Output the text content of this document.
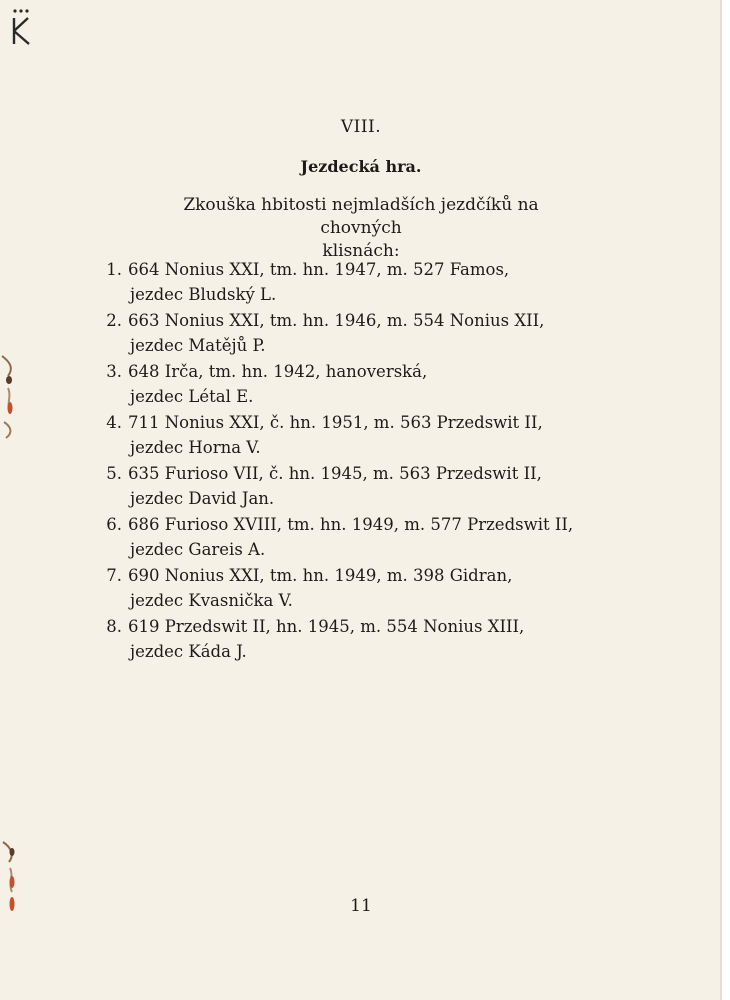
VIII.
Jezdecká hra.
Zkouška hbitosti nejmladších jezdčíků na chovných
klisnách:
1. 664 Nonius XXI, tm. hn. 1947, m. 527 Famos,
jezdec Bludský L.
2. 663 Nonius XXI, tm. hn. 1946, m. 554 Nonius XII,
jezdec Matějů P.
3. 648 Irča, tm. hn. 1942, hanoverská,
jezdec Létal E.
4. 711 Nonius XXI, č. hn. 1951, m. 563 Przedswit II,
jezdec Horna V.
5. 635 Furioso VII, č. hn. 1945, m. 563 Przedswit II,
jezdec David Jan.
6. 686 Furioso XVIII, tm. hn. 1949, m. 577 Przedswit II,
jezdec Gareis A.
7. 690 Nonius XXI, tm. hn. 1949, m. 398 Gidran,
jezdec Kvasnička V.
8. 619 Przedswit II, hn. 1945, m. 554 Nonius XIII,
jezdec Káda J.
11
